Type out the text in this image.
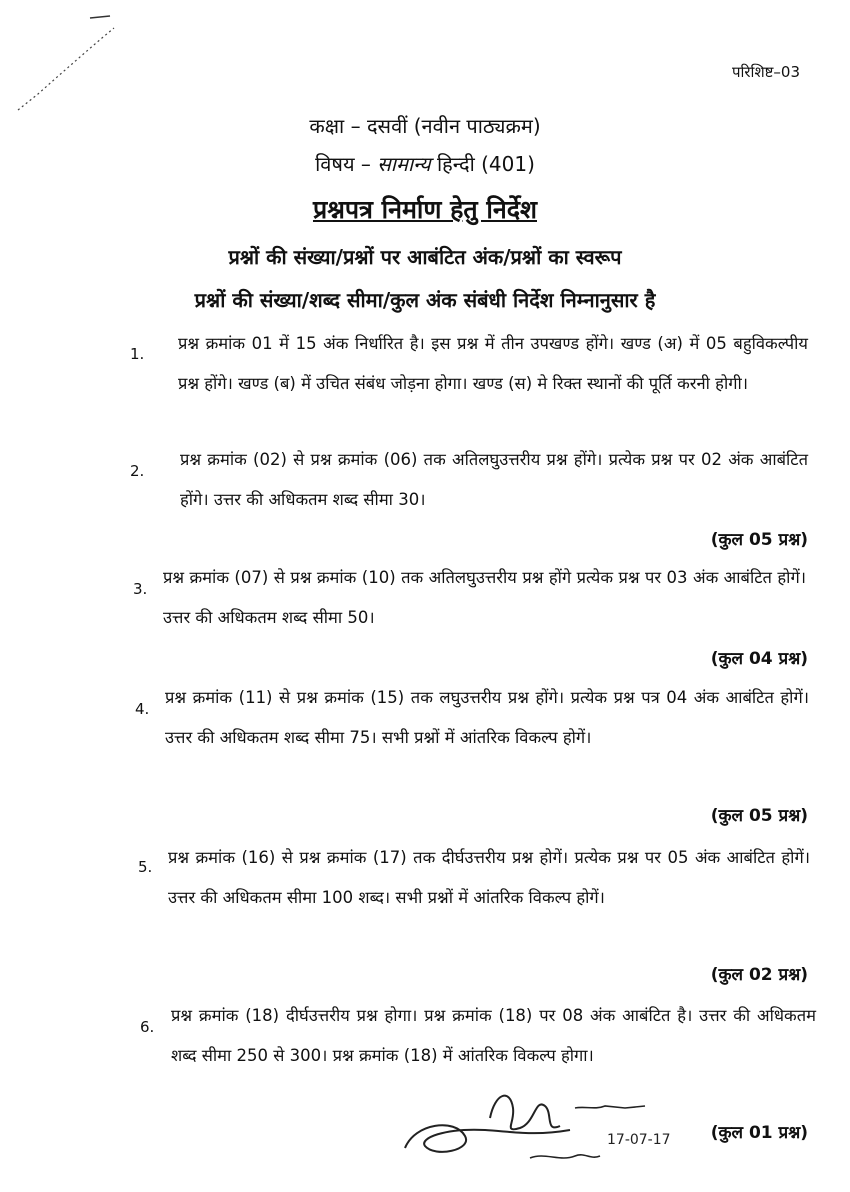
परिशिष्ट–03
कक्षा – दसवीं (नवीन पाठ्यक्रम)
विषय – सामान्य हिन्दी (401)
प्रश्नपत्र निर्माण हेतु निर्देश
प्रश्नों की संख्या/प्रश्नों पर आबंटित अंक/प्रश्नों का स्वरूप
प्रश्नों की संख्या/शब्द सीमा/कुल अंक संबंधी निर्देश निम्नानुसार है
1.
प्रश्न क्रमांक 01 में 15 अंक निर्धारित है। इस प्रश्न में तीन उपखण्ड होंगे। खण्ड (अ) में 05 बहुविकल्पीय प्रश्न होंगे। खण्ड (ब) में उचित संबंध जोड़ना होगा। खण्ड (स) मे रिक्त स्थानों की पूर्ति करनी होगी।
2.
प्रश्न क्रमांक (02) से प्रश्न क्रमांक (06) तक अतिलघुउत्तरीय प्रश्न होंगे। प्रत्येक प्रश्न पर 02 अंक आबंटित होंगे। उत्तर की अधिकतम शब्द सीमा 30।
(कुल 05 प्रश्न)
3.
प्रश्न क्रमांक (07) से प्रश्न क्रमांक (10) तक अतिलघुउत्तरीय प्रश्न होंगे प्रत्येक प्रश्न पर 03 अंक आबंटित होगें। उत्तर की अधिकतम शब्द सीमा 50।
(कुल 04 प्रश्न)
4.
प्रश्न क्रमांक (11) से प्रश्न क्रमांक (15) तक लघुउत्तरीय प्रश्न होंगे। प्रत्येक प्रश्न पत्र 04 अंक आबंटित होगें। उत्तर की अधिकतम शब्द सीमा 75। सभी प्रश्नों में आंतरिक विकल्प होगें।
(कुल 05 प्रश्न)
5. प्रश्न क्रमांक (16) से प्रश्न क्रमांक (17) तक दीर्घउत्तरीय प्रश्न होगें। प्रत्येक प्रश्न पर 05 अंक आबंटित होगें। उत्तर की अधिकतम सीमा 100 शब्द। सभी प्रश्नों में आंतरिक विकल्प होगें।
(कुल 02 प्रश्न)
6.
प्रश्न क्रमांक (18) दीर्घउत्तरीय प्रश्न होगा। प्रश्न क्रमांक (18) पर 08 अंक आबंटित है। उत्तर की अधिकतम शब्द सीमा 250 से 300। प्रश्न क्रमांक (18) में आंतरिक विकल्प होगा।
(कुल 01 प्रश्न)
17-07-17
